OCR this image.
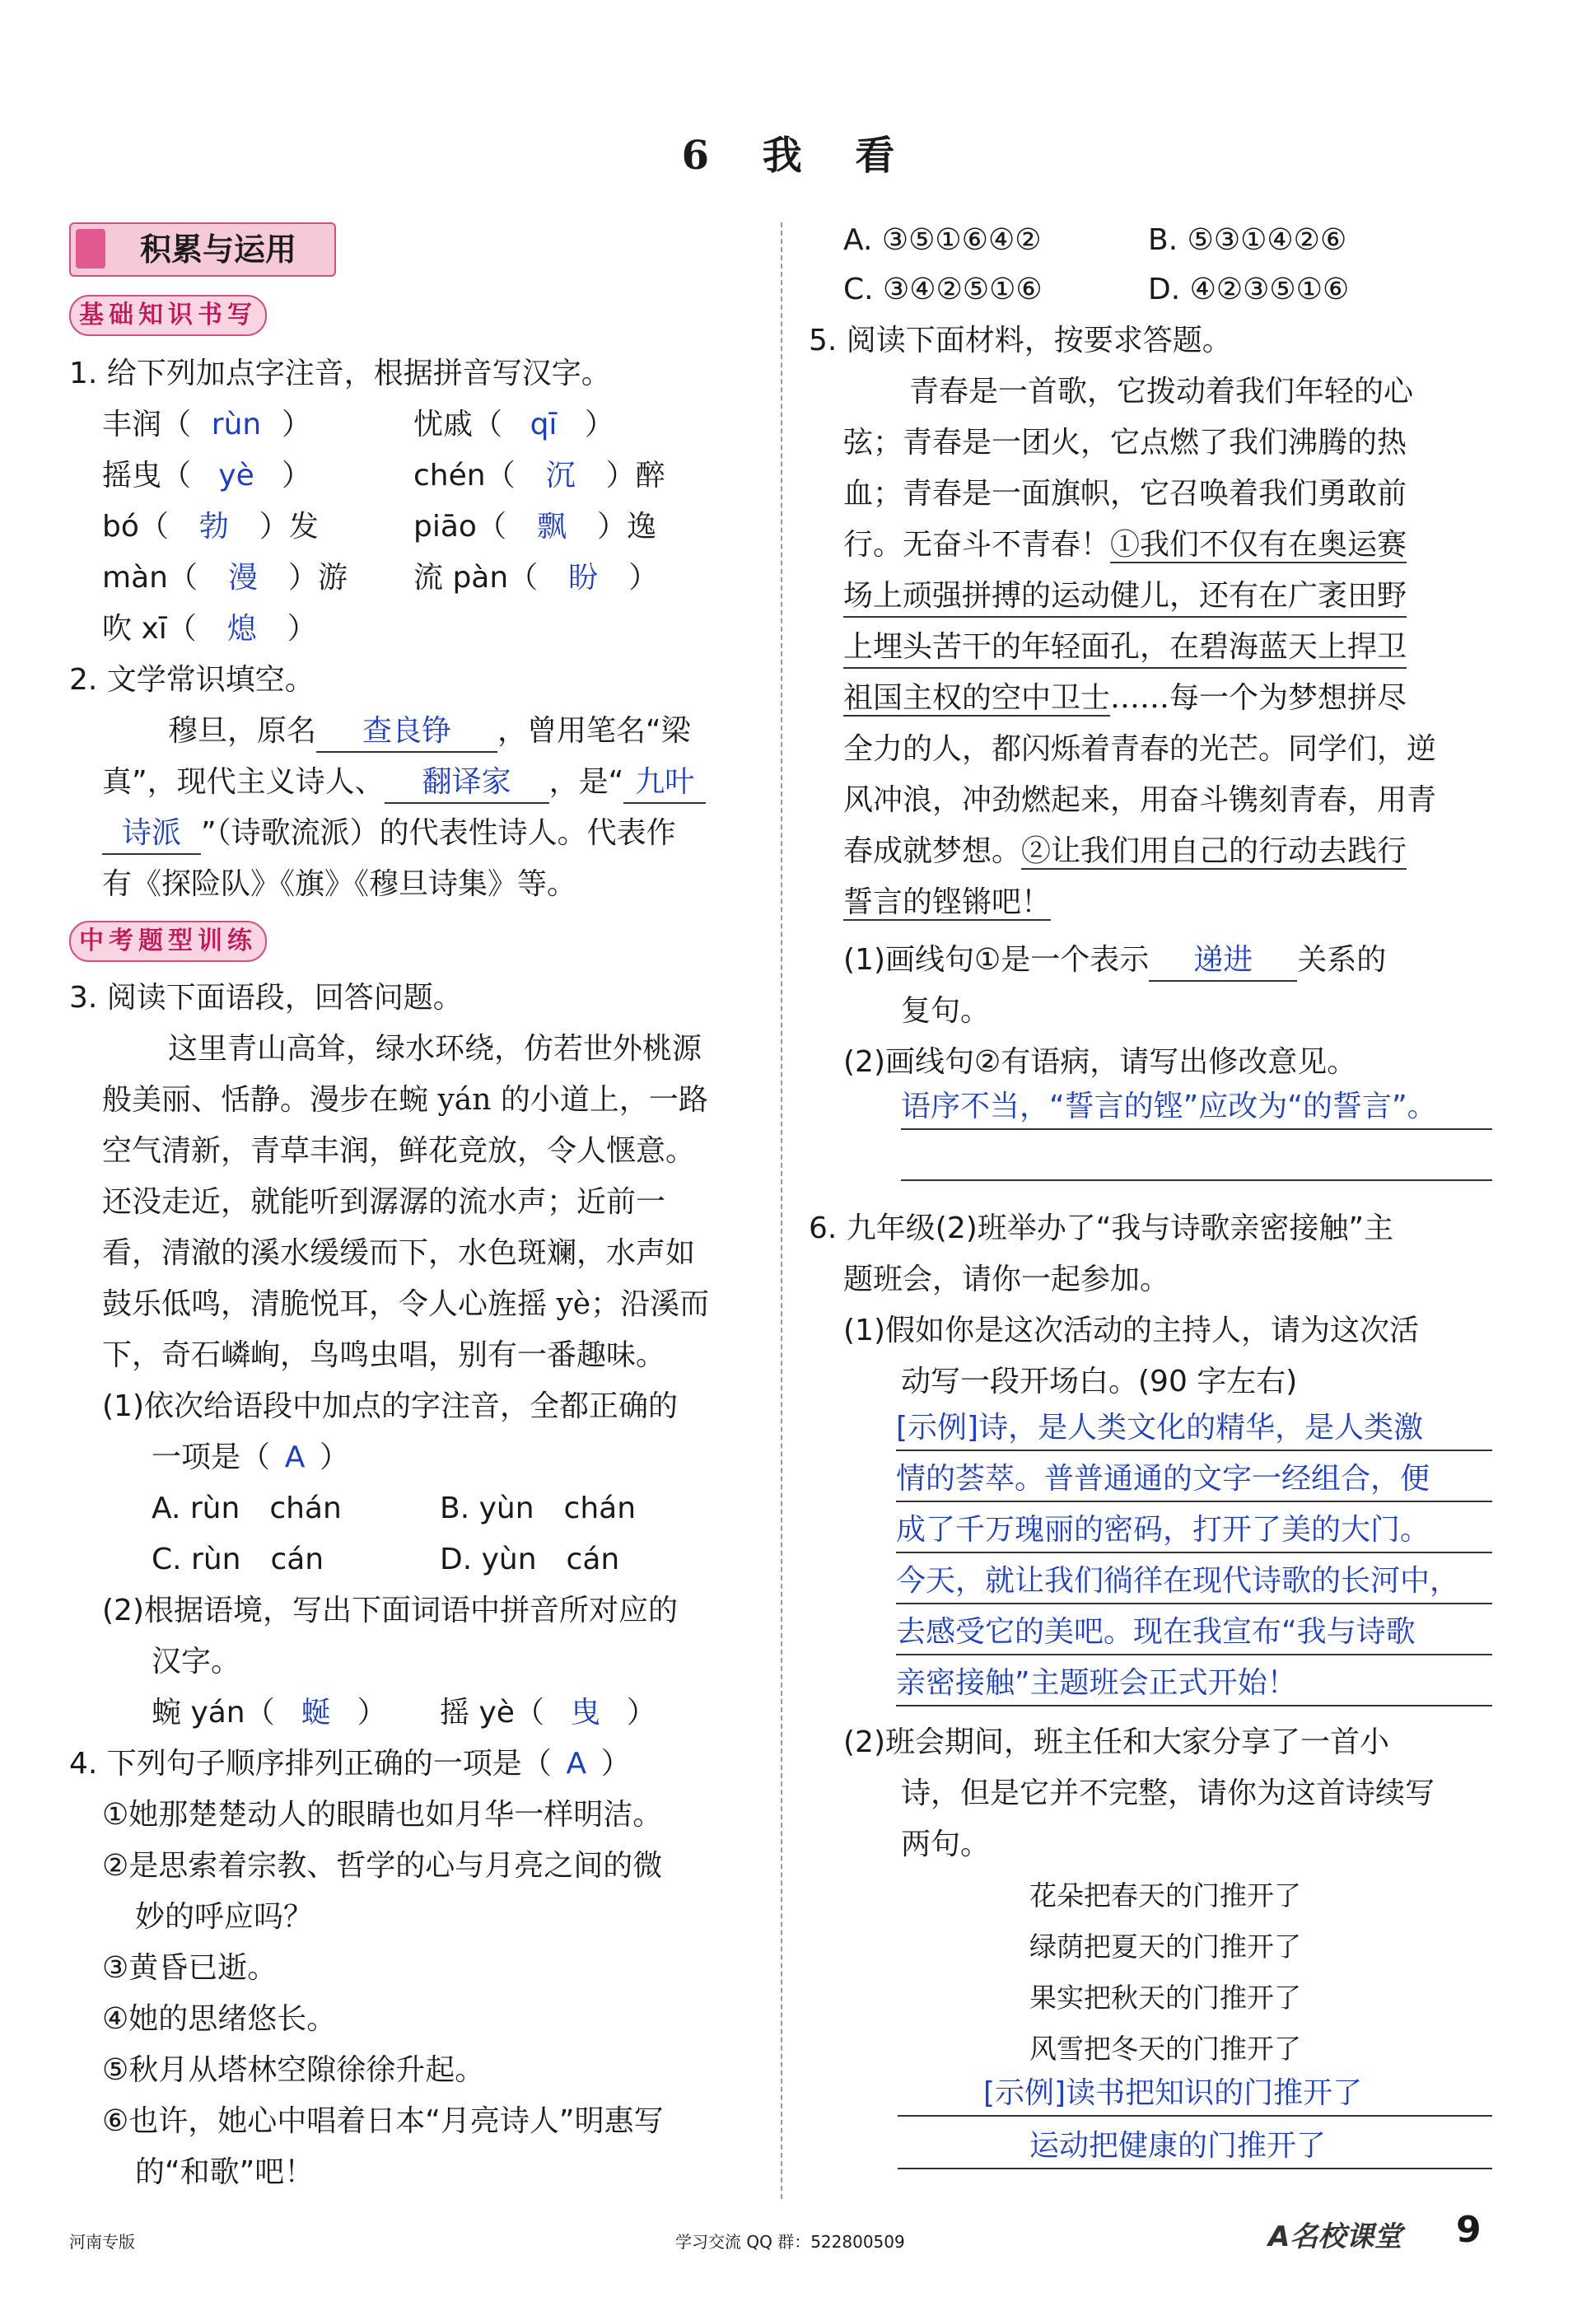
6 我 看
积累与运用
基础知识书写
1. 给下列加点字注音，根据拼音写汉字。
丰润（ rùn ）	忧戚（ qī ）
摇曳（ yè ）	chén（ 沉 ）醉
bó（ 勃 ）发	piāo（ 飘 ）逸
màn（ 漫 ）游 流 pàn（ 盼 ）
吹 xī（ 熄 ）
2. 文学常识填空。
穆旦，原名 查良铮 ，曾用笔名“梁
真”，现代主义诗人、 翻译家 ，是“ 九叶
诗派 ”（诗歌流派）的代表性诗人。代表作
有《探险队》《旗》《穆旦诗集》等。
中考题型训练
3. 阅读下面语段，回答问题。
这里青山高耸，绿水环绕，仿若世外桃源
般美丽、恬静。漫步在蜿 yán 的小道上，一路
空气清新，青草丰润，鲜花竞放，令人惬意。
还没走近，就能听到潺潺的流水声；近前一
看，清澈的溪水缓缓而下，水色斑斓，水声如
鼓乐低鸣，清脆悦耳，令人心旌摇 yè；沿溪而
下，奇石嶙峋，鸟鸣虫唱，别有一番趣味。
(1)依次给语段中加点的字注音，全都正确的
一项是（ A ）
A. rùn　chán	B. yùn　chán
C. rùn　cán	D. yùn　cán
(2)根据语境，写出下面词语中拼音所对应的
汉字。
蜿 yán（ 蜒 ） 摇 yè（ 曳 ）
4. 下列句子顺序排列正确的一项是（ A ）
①她那楚楚动人的眼睛也如月华一样明洁。
②是思索着宗教、哲学的心与月亮之间的微
妙的呼应吗？
③黄昏已逝。
④她的思绪悠长。
⑤秋月从塔林空隙徐徐升起。
⑥也许，她心中唱着日本“月亮诗人”明惠写
的“和歌”吧！
A. ③⑤①⑥④②	B. ⑤③①④②⑥
C. ③④②⑤①⑥	D. ④②③⑤①⑥
5. 阅读下面材料，按要求答题。
青春是一首歌，它拨动着我们年轻的心
弦；青春是一团火，它点燃了我们沸腾的热
血；青春是一面旗帜，它召唤着我们勇敢前
行。无奋斗不青春！①我们不仅有在奥运赛
场上顽强拼搏的运动健儿，还有在广袤田野
上埋头苦干的年轻面孔，在碧海蓝天上捍卫
祖国主权的空中卫士……每一个为梦想拼尽
全力的人，都闪烁着青春的光芒。同学们，逆
风冲浪，冲劲燃起来，用奋斗镌刻青春，用青
春成就梦想。②让我们用自己的行动去践行
誓言的铿锵吧！
(1)画线句①是一个表示 递进 关系的
复句。
(2)画线句②有语病，请写出修改意见。
语序不当，“誓言的铿”应改为“的誓言”。
6. 九年级(2)班举办了“我与诗歌亲密接触”主
题班会，请你一起参加。
(1)假如你是这次活动的主持人，请为这次活
动写一段开场白。(90 字左右)
[示例]诗，是人类文化的精华，是人类激
情的荟萃。普普通通的文字一经组合，便
成了千万瑰丽的密码，打开了美的大门。
今天，就让我们徜徉在现代诗歌的长河中，
去感受它的美吧。现在我宣布“我与诗歌
亲密接触”主题班会正式开始！
(2)班会期间，班主任和大家分享了一首小
诗，但是它并不完整，请你为这首诗续写
两句。
花朵把春天的门推开了
绿荫把夏天的门推开了
果实把秋天的门推开了
风雪把冬天的门推开了
[示例]读书把知识的门推开了
运动把健康的门推开了
河南专版	学习交流 QQ 群：522800509	A名校课堂 9
